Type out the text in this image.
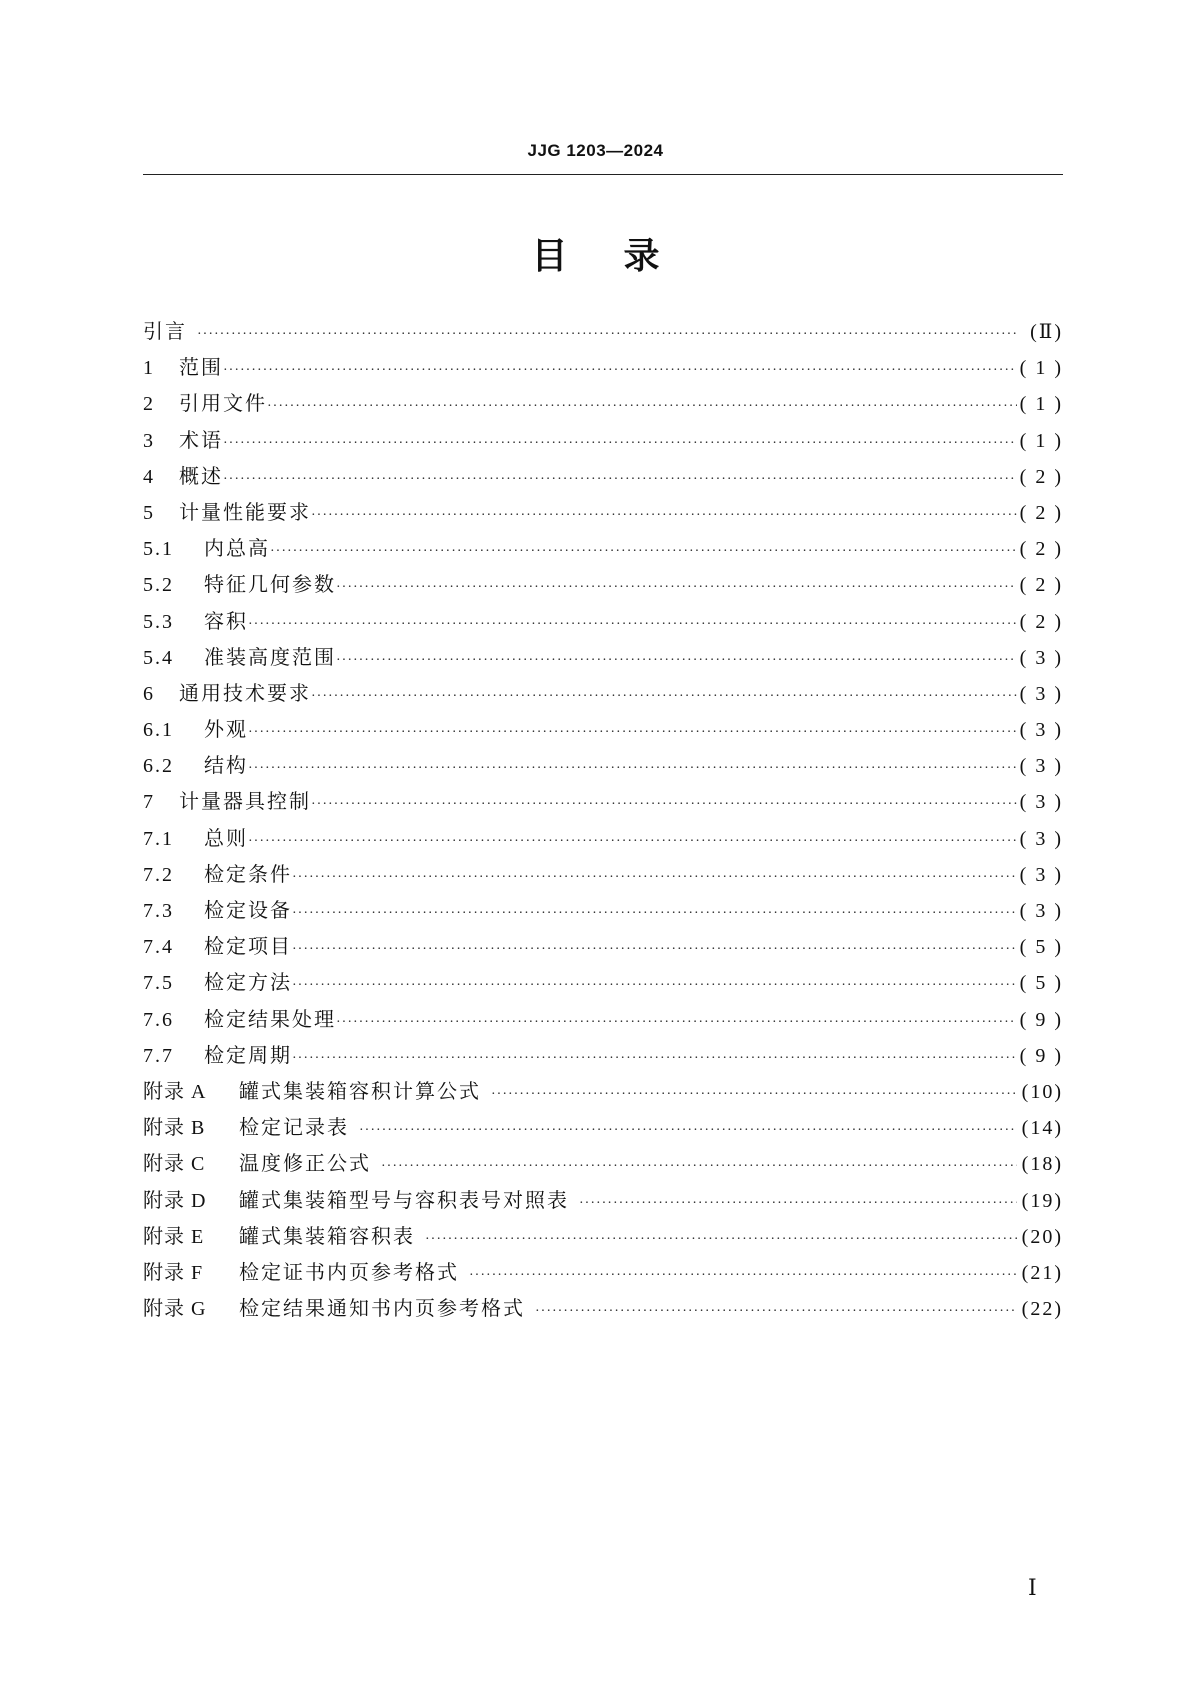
JJG 1203—2024
目 录
引言 ·····	(Ⅱ)
1	范围 ·····	( 1 )
2	引用文件 ·····	( 1 )
3	术语 ·····	( 1 )
4	概述 ·····	( 2 )
5	计量性能要求 ·····	( 2 )
5.1	内总高 ·····	( 2 )
5.2	特征几何参数 ·····	( 2 )
5.3	容积 ·····	( 2 )
5.4	准装高度范围 ·····	( 3 )
6	通用技术要求 ·····	( 3 )
6.1	外观 ·····	( 3 )
6.2	结构 ·····	( 3 )
7	计量器具控制 ·····	( 3 )
7.1	总则 ·····	( 3 )
7.2	检定条件 ·····	( 3 )
7.3	检定设备 ·····	( 3 )
7.4	检定项目 ·····	( 5 )
7.5	检定方法 ·····	( 5 )
7.6	检定结果处理 ·····	( 9 )
7.7	检定周期 ·····	( 9 )
附录 A	罐式集装箱容积计算公式 ·····	(10)
附录 B	检定记录表 ·····	(14)
附录 C	温度修正公式 ·····	(18)
附录 D	罐式集装箱型号与容积表号对照表 ·····	(19)
附录 E	罐式集装箱容积表 ·····	(20)
附录 F	检定证书内页参考格式 ·····	(21)
附录 G	检定结果通知书内页参考格式 ·····	(22)
Ⅰ
